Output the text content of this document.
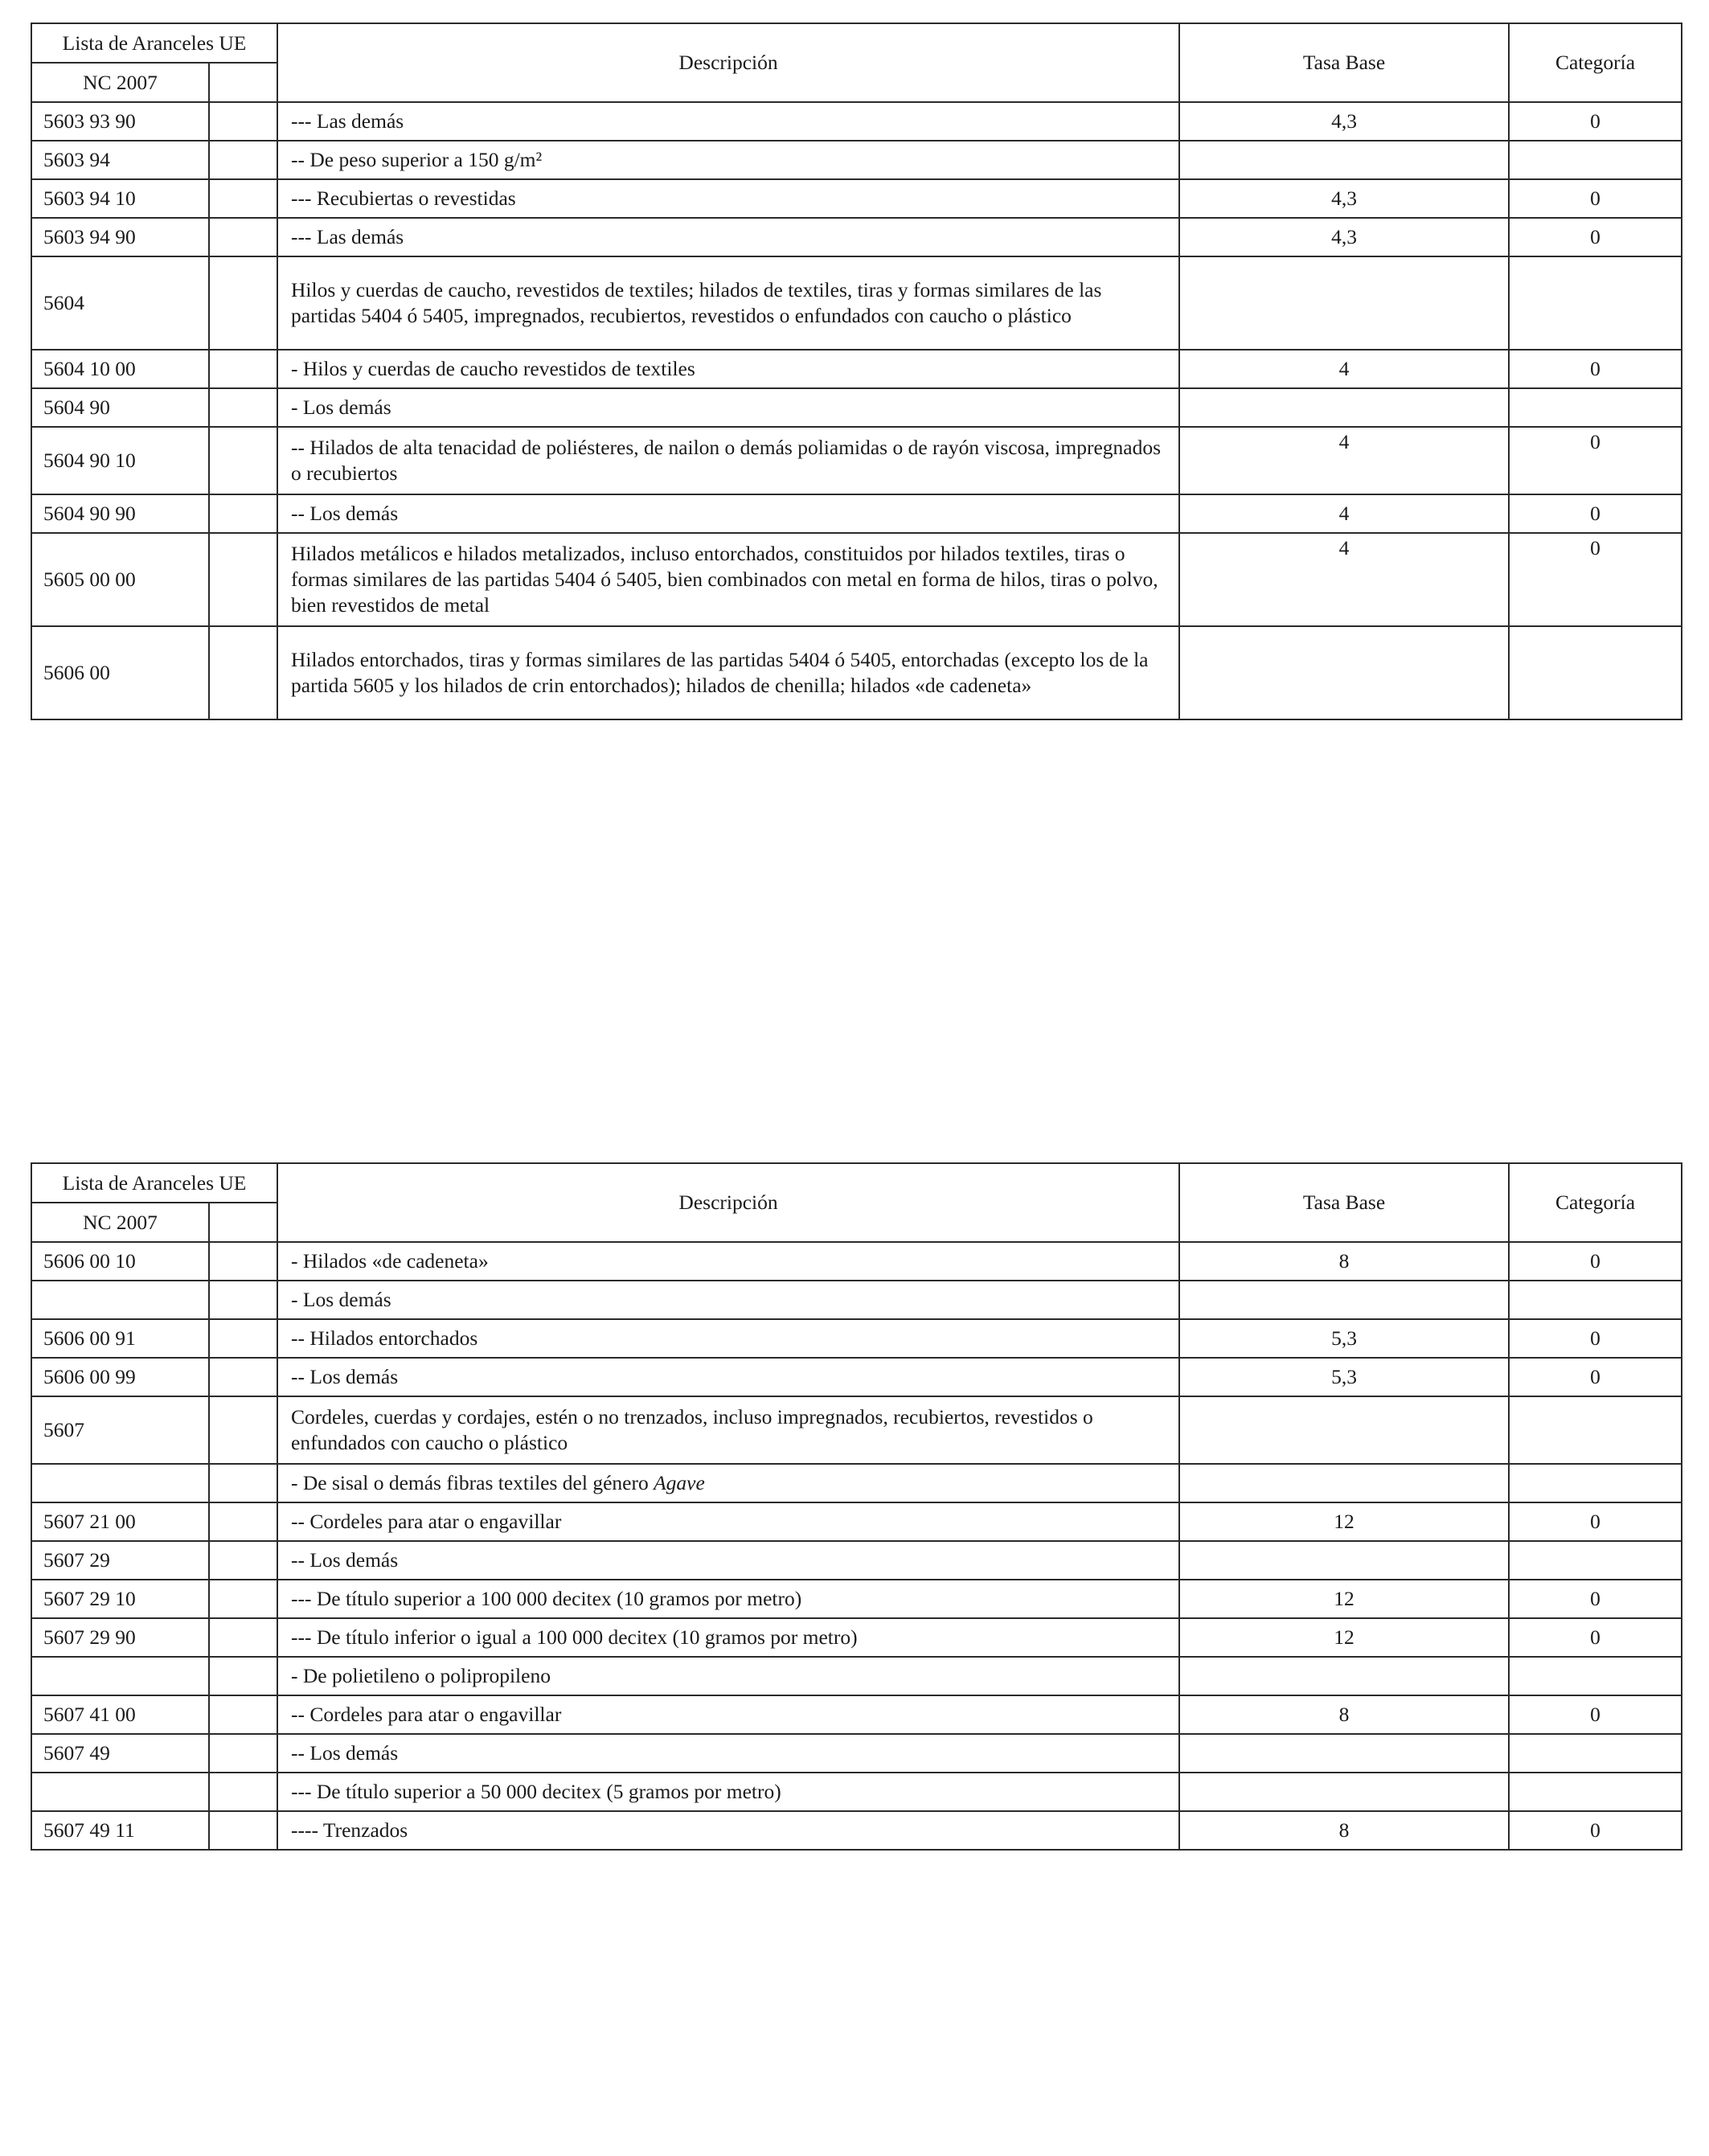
Lista de Aranceles UE		Descripción	Tasa Base	Categoría
NC 2007				
5603 93 90		--- Las demás	4,3	0
5603 94		-- De peso superior a 150 g/m²		
5603 94 10		--- Recubiertas o revestidas	4,3	0
5603 94 90		--- Las demás	4,3	0
5604		Hilos y cuerdas de caucho, revestidos de textiles; hilados de textiles, tiras y formas similares de las partidas 5404 ó 5405, impregnados, recubiertos, revestidos o enfundados con caucho o plástico		
5604 10 00		- Hilos y cuerdas de caucho revestidos de textiles	4	0
5604 90		- Los demás		
5604 90 10		-- Hilados de alta tenacidad de poliésteres, de nailon o demás poliamidas o de rayón viscosa, impregnados o recubiertos	4	0
5604 90 90		-- Los demás	4	0
5605 00 00		Hilados metálicos e hilados metalizados, incluso entorchados, constituidos por hilados textiles, tiras o formas similares de las partidas 5404 ó 5405, bien combinados con metal en forma de hilos, tiras o polvo, bien revestidos de metal	4	0
5606 00		Hilados entorchados, tiras y formas similares de las partidas 5404 ó 5405, entorchadas (excepto los de la partida 5605 y los hilados de crin entorchados); hilados de chenilla; hilados «de cadeneta»		
Lista de Aranceles UE		Descripción	Tasa Base	Categoría
NC 2007				
5606 00 10		- Hilados «de cadeneta»	8	0
		- Los demás		
5606 00 91		-- Hilados entorchados	5,3	0
5606 00 99		-- Los demás	5,3	0
5607		Cordeles, cuerdas y cordajes, estén o no trenzados, incluso impregnados, recubiertos, revestidos o enfundados con caucho o plástico		
		- De sisal o demás fibras textiles del género Agave		
5607 21 00		-- Cordeles para atar o engavillar	12	0
5607 29		-- Los demás		
5607 29 10		--- De título superior a 100 000 decitex (10 gramos por metro)	12	0
5607 29 90		--- De título inferior o igual a 100 000 decitex (10 gramos por metro)	12	0
		- De polietileno o polipropileno		
5607 41 00		-- Cordeles para atar o engavillar	8	0
5607 49		-- Los demás		
		--- De título superior a 50 000 decitex (5 gramos por metro)		
5607 49 11		---- Trenzados	8	0
